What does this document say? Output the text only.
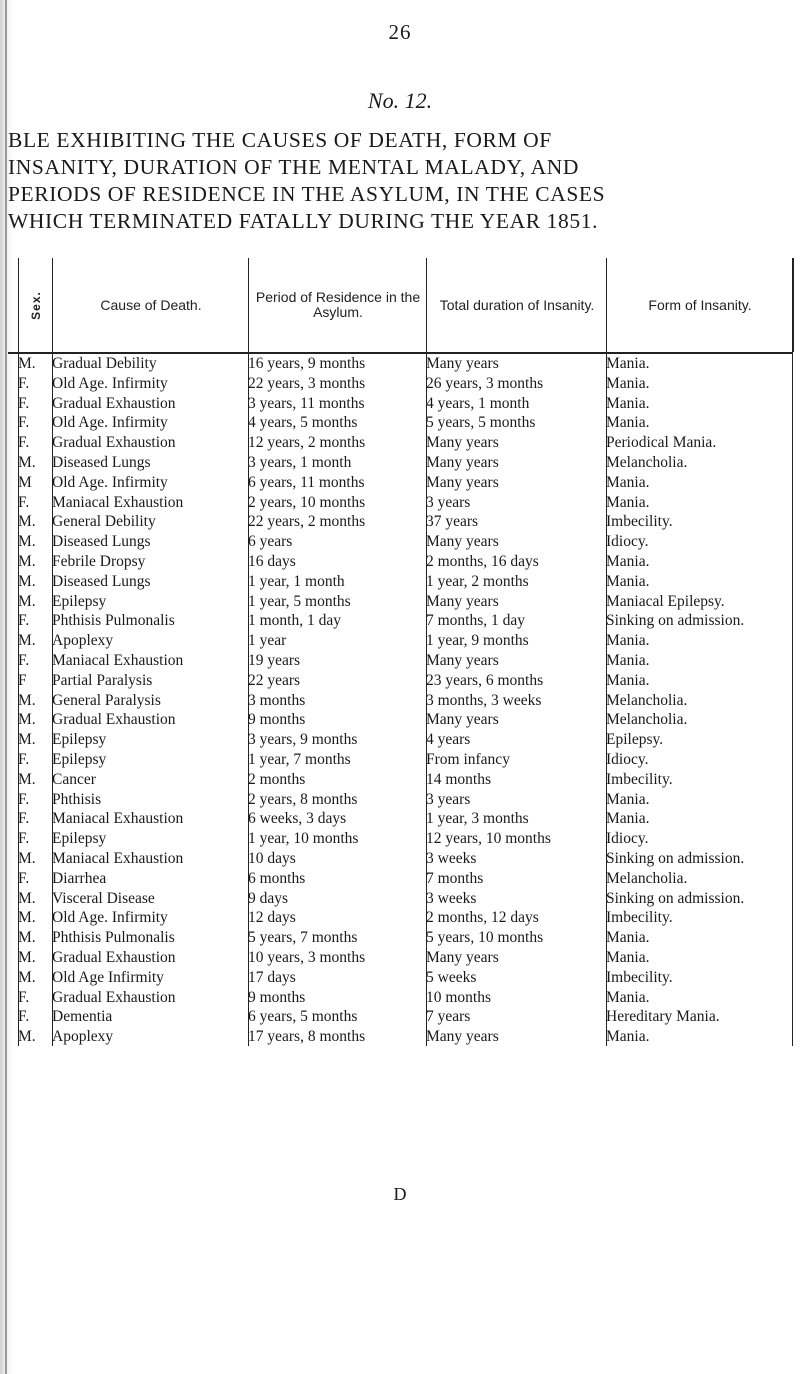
26
No. 12.
BLE EXHIBITING THE CAUSES OF DEATH, FORM OF
INSANITY, DURATION OF THE MENTAL MALADY, AND
PERIODS OF RESIDENCE IN THE ASYLUM, IN THE CASES
WHICH TERMINATED FATALLY DURING THE YEAR 1851.
Sex.	Cause of Death.	Period of Residence in the Asylum.	Total duration of Insanity.	Form of Insanity.
M.	Gradual Debility	16 years, 9 months	Many years	Mania.
F.	Old Age. Infirmity	22 years, 3 months	26 years, 3 months	Mania.
F.	Gradual Exhaustion	3 years, 11 months	4 years, 1 month	Mania.
F.	Old Age. Infirmity	4 years, 5 months	5 years, 5 months	Mania.
F.	Gradual Exhaustion	12 years, 2 months	Many years	Periodical Mania.
M.	Diseased Lungs	3 years, 1 month	Many years	Melancholia.
M	Old Age. Infirmity	6 years, 11 months	Many years	Mania.
F.	Maniacal Exhaustion	2 years, 10 months	3 years	Mania.
M.	General Debility	22 years, 2 months	37 years	Imbecility.
M.	Diseased Lungs	6 years	Many years	Idiocy.
M.	Febrile Dropsy	16 days	2 months, 16 days	Mania.
M.	Diseased Lungs	1 year, 1 month	1 year, 2 months	Mania.
M.	Epilepsy	1 year, 5 months	Many years	Maniacal Epilepsy.
F.	Phthisis Pulmonalis	1 month, 1 day	7 months, 1 day	Sinking on admission.
M.	Apoplexy	1 year	1 year, 9 months	Mania.
F.	Maniacal Exhaustion	19 years	Many years	Mania.
F	Partial Paralysis	22 years	23 years, 6 months	Mania.
M.	General Paralysis	3 months	3 months, 3 weeks	Melancholia.
M.	Gradual Exhaustion	9 months	Many years	Melancholia.
M.	Epilepsy	3 years, 9 months	4 years	Epilepsy.
F.	Epilepsy	1 year, 7 months	From infancy	Idiocy.
M.	Cancer	2 months	14 months	Imbecility.
F.	Phthisis	2 years, 8 months	3 years	Mania.
F.	Maniacal Exhaustion	6 weeks, 3 days	1 year, 3 months	Mania.
F.	Epilepsy	1 year, 10 months	12 years, 10 months	Idiocy.
M.	Maniacal Exhaustion	10 days	3 weeks	Sinking on admission.
F.	Diarrhea	6 months	7 months	Melancholia.
M.	Visceral Disease	9 days	3 weeks	Sinking on admission.
M.	Old Age. Infirmity	12 days	2 months, 12 days	Imbecility.
M.	Phthisis Pulmonalis	5 years, 7 months	5 years, 10 months	Mania.
M.	Gradual Exhaustion	10 years, 3 months	Many years	Mania.
M.	Old Age Infirmity	17 days	5 weeks	Imbecility.
F.	Gradual Exhaustion	9 months	10 months	Mania.
F.	Dementia	6 years, 5 months	7 years	Hereditary Mania.
M.	Apoplexy	17 years, 8 months	Many years	Mania.
D
